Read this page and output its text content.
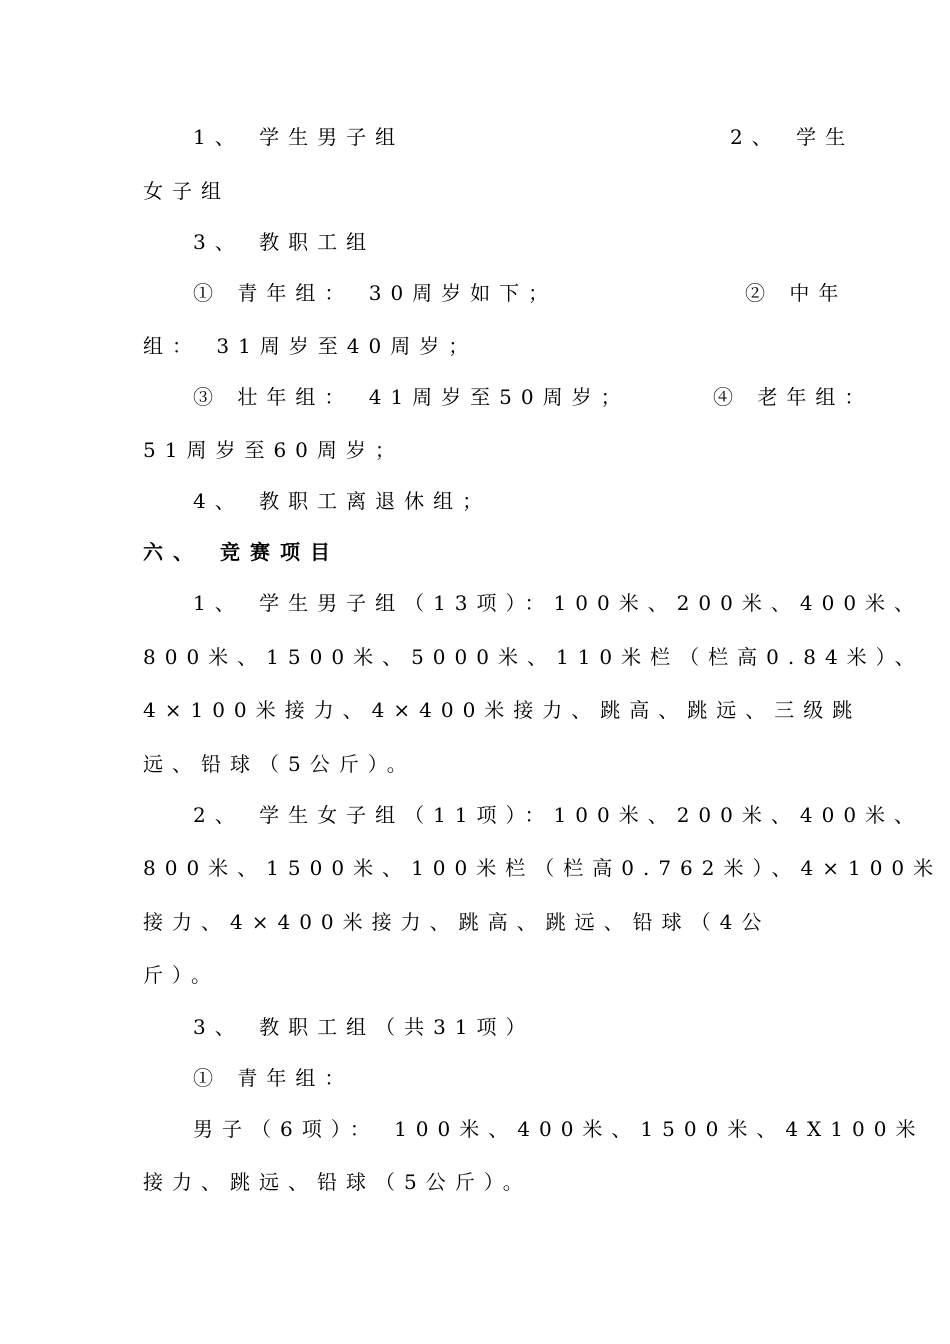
1、 学生男子组	2、 学生
女子组
3、 教职工组
① 青年组： 30周岁如下；	② 中年
组： 31周岁至40周岁；
③ 壮年组： 41周岁至50周岁；	④ 老年组：
51周岁至60周岁；
4、 教职工离退休组；
六、 竞赛项目
1、 学生男子组（13项）：100米、200米、400米、
800米、1500米、5000米、110米栏（栏高0.84米）、
4×100米接力、4×400米接力、跳高、跳远、三级跳
远、铅球（5公斤）。
2、 学生女子组（11项）：100米、200米、400米、
800米、1500米、100米栏（栏高0.762米）、4×100米
接力、4×400米接力、跳高、跳远、铅球（4公
斤）。
3、 教职工组（共31项）
① 青年组：
男子（6项）： 100米、400米、1500米、4X100米
接力、跳远、铅球（5公斤）。
